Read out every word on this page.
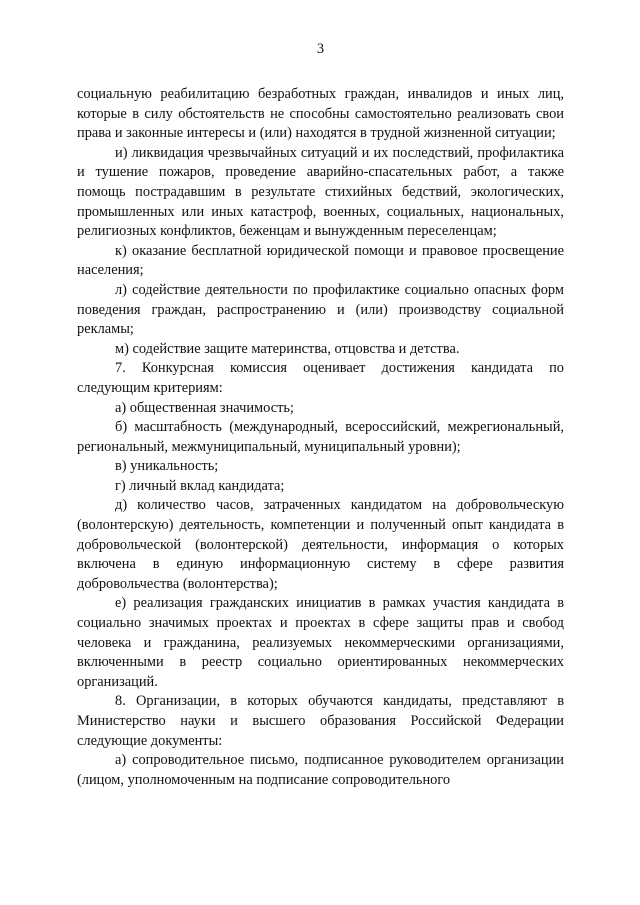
3

социальную реабилитацию безработных граждан, инвалидов и иных лиц, которые в силу обстоятельств не способны самостоятельно реализовать свои права и законные интересы и (или) находятся в трудной жизненной ситуации;

и) ликвидация чрезвычайных ситуаций и их последствий, профилактика и тушение пожаров, проведение аварийно-спасательных работ, а также помощь пострадавшим в результате стихийных бедствий, экологических, промышленных или иных катастроф, военных, социальных, национальных, религиозных конфликтов, беженцам и вынужденным переселенцам;

к) оказание бесплатной юридической помощи и правовое просвещение населения;

л) содействие деятельности по профилактике социально опасных форм поведения граждан, распространению и (или) производству социальной рекламы;

м) содействие защите материнства, отцовства и детства.

7. Конкурсная комиссия оценивает достижения кандидата по следующим критериям:

а) общественная значимость;

б) масштабность (международный, всероссийский, межрегиональный, региональный, межмуниципальный, муниципальный уровни);

в) уникальность;

г) личный вклад кандидата;

д) количество часов, затраченных кандидатом на добровольческую (волонтерскую) деятельность, компетенции и полученный опыт кандидата в добровольческой (волонтерской) деятельности, информация о которых включена в единую информационную систему в сфере развития добровольчества (волонтерства);

е) реализация гражданских инициатив в рамках участия кандидата в социально значимых проектах и проектах в сфере защиты прав и свобод человека и гражданина, реализуемых некоммерческими организациями, включенными в реестр социально ориентированных некоммерческих организаций.

8. Организации, в которых обучаются кандидаты, представляют в Министерство науки и высшего образования Российской Федерации следующие документы:

а) сопроводительное письмо, подписанное руководителем организации (лицом, уполномоченным на подписание сопроводительного
